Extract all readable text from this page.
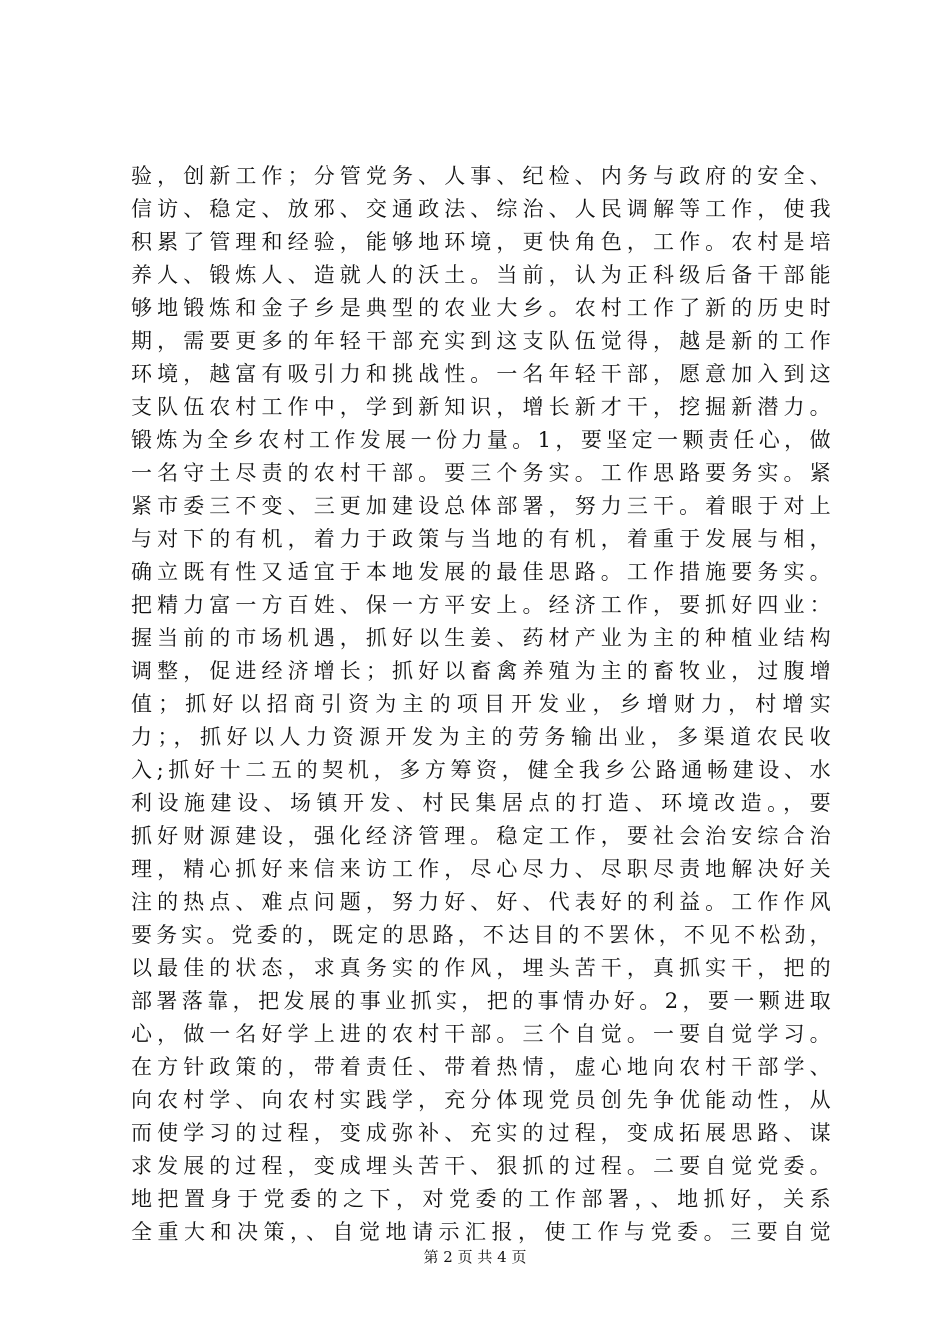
验，创新工作；分管党务、人事、纪检、内务与政府的安全、
信访、稳定、放邪、交通政法、综治、人民调解等工作，使我
积累了管理和经验，能够地环境，更快角色，工作。农村是培
养人、锻炼人、造就人的沃土。当前，认为正科级后备干部能
够地锻炼和金子乡是典型的农业大乡。农村工作了新的历史时
期，需要更多的年轻干部充实到这支队伍觉得，越是新的工作
环境，越富有吸引力和挑战性。一名年轻干部，愿意加入到这
支队伍农村工作中，学到新知识，增长新才干，挖掘新潜力。
锻炼为全乡农村工作发展一份力量。1，要坚定一颗责任心，做
一名守土尽责的农村干部。要三个务实。工作思路要务实。紧
紧市委三不变、三更加建设总体部署，努力三干。着眼于对上
与对下的有机，着力于政策与当地的有机，着重于发展与相，
确立既有性又适宜于本地发展的最佳思路。工作措施要务实。
把精力富一方百姓、保一方平安上。经济工作，要抓好四业：
握当前的市场机遇，抓好以生姜、药材产业为主的种植业结构
调整，促进经济增长；抓好以畜禽养殖为主的畜牧业，过腹增
值；抓好以招商引资为主的项目开发业，乡增财力，村增实
力；，抓好以人力资源开发为主的劳务输出业，多渠道农民收
入;抓好十二五的契机，多方筹资，健全我乡公路通畅建设、水
利设施建设、场镇开发、村民集居点的打造、环境改造。，要
抓好财源建设，强化经济管理。稳定工作，要社会治安综合治
理，精心抓好来信来访工作，尽心尽力、尽职尽责地解决好关
注的热点、难点问题，努力好、好、代表好的利益。工作作风
要务实。党委的，既定的思路，不达目的不罢休，不见不松劲，
以最佳的状态，求真务实的作风，埋头苦干，真抓实干，把的
部署落靠，把发展的事业抓实，把的事情办好。2，要一颗进取
心，做一名好学上进的农村干部。三个自觉。一要自觉学习。
在方针政策的，带着责任、带着热情，虚心地向农村干部学、
向农村学、向农村实践学，充分体现党员创先争优能动性，从
而使学习的过程，变成弥补、充实的过程，变成拓展思路、谋
求发展的过程，变成埋头苦干、狠抓的过程。二要自觉党委。
地把置身于党委的之下，对党委的工作部署，、地抓好，关系
全重大和决策，、自觉地请示汇报，使工作与党委。三要自觉
第 2 页 共 4 页
